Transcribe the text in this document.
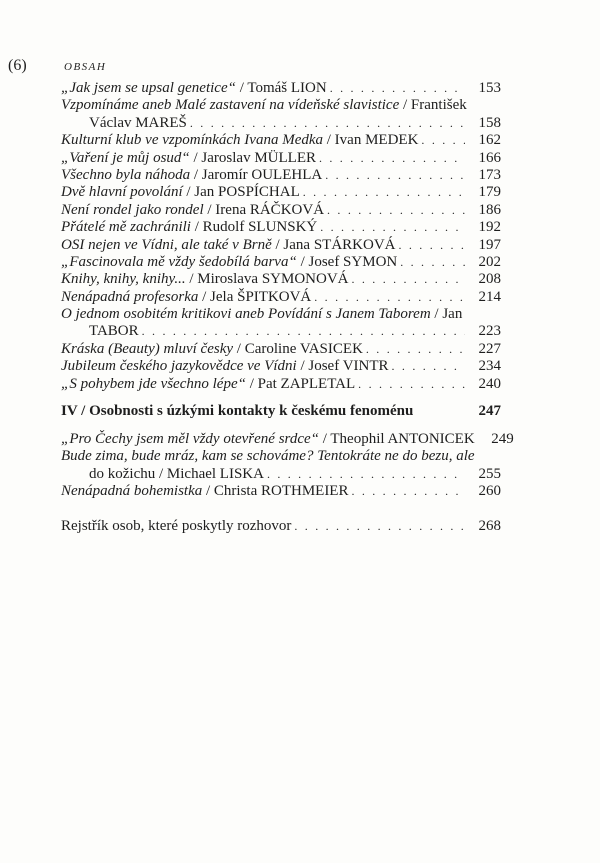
(6)	OBSAH
„Jak jsem se upsal genetice“ / Tomáš LION . . .	153
Vzpomínáme aneb Malé zastavení na vídeňské slavistice / František
Václav MAREŠ . . .	158
Kulturní klub ve vzpomínkách Ivana Medka / Ivan MEDEK . . .	162
„Vaření je můj osud“ / Jaroslav MÜLLER . . .	166
Všechno byla náhoda / Jaromír OULEHLA . . .	173
Dvě hlavní povolání / Jan POSPÍCHAL . . .	179
Není rondel jako rondel / Irena RÁČKOVÁ . . .	186
Přátelé mě zachránili / Rudolf SLUNSKÝ . . .	192
OSI nejen ve Vídni, ale také v Brně / Jana STÁRKOVÁ . . .	197
„Fascinovala mě vždy šedobílá barva“ / Josef SYMON . . .	202
Knihy, knihy, knihy... / Miroslava SYMONOVÁ . . .	208
Nenápadná profesorka / Jela ŠPITKOVÁ . . .	214
O jednom osobitém kritikovi aneb Povídání s Janem Taborem / Jan
TABOR . . .	223
Kráska (Beauty) mluví česky / Caroline VASICEK . . .	227
Jubileum českého jazykovědce ve Vídni / Josef VINTR . . .	234
„S pohybem jde všechno lépe“ / Pat ZAPLETAL . . .	240
IV / Osobnosti s úzkými kontakty k českému fenoménu	247
„Pro Čechy jsem měl vždy otevřené srdce“ / Theophil ANTONICEK	249
Bude zima, bude mráz, kam se schováme? Tentokráte ne do bezu, ale
do kožichu / Michael LISKA . . .	255
Nenápadná bohemistka / Christa ROTHMEIER . . .	260
Rejstřík osob, které poskytly rozhovor . . .	268
